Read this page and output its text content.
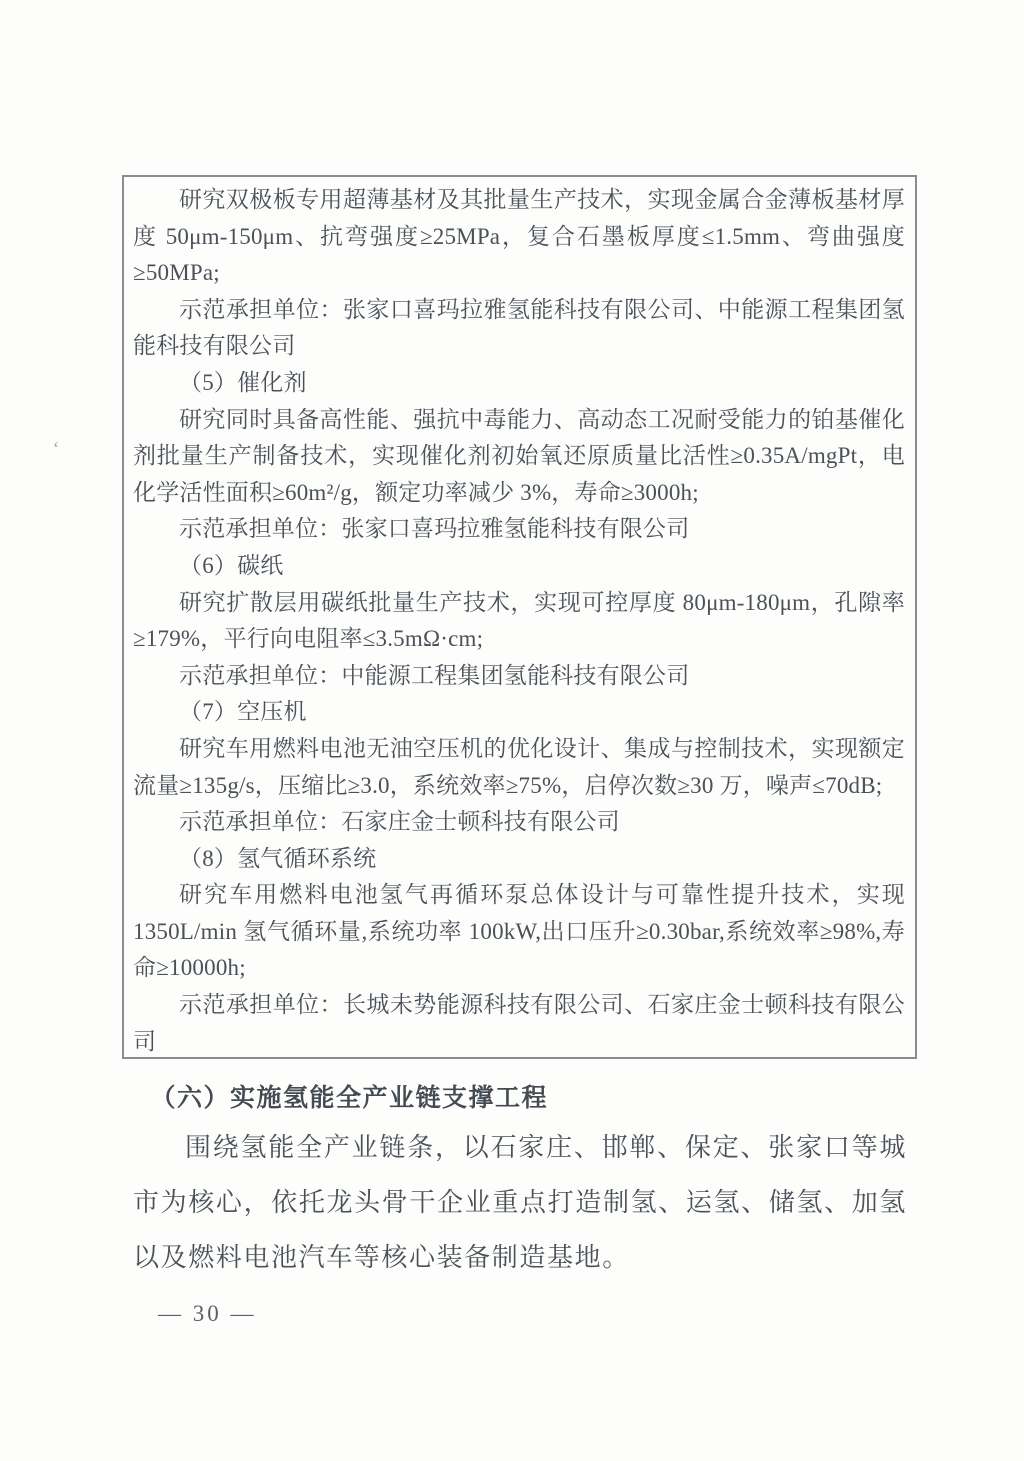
ʻ

研究双极板专用超薄基材及其批量生产技术，实现金属合金薄板基材厚度 50μm-150μm、抗弯强度≥25MPa，复合石墨板厚度≤1.5mm、弯曲强度≥50MPa;

示范承担单位：张家口喜玛拉雅氢能科技有限公司、中能源工程集团氢能科技有限公司

（5）催化剂

研究同时具备高性能、强抗中毒能力、高动态工况耐受能力的铂基催化剂批量生产制备技术，实现催化剂初始氧还原质量比活性≥0.35A/mgPt，电化学活性面积≥60m²/g，额定功率减少 3%，寿命≥3000h;

示范承担单位：张家口喜玛拉雅氢能科技有限公司

（6）碳纸

研究扩散层用碳纸批量生产技术，实现可控厚度 80μm-180μm，孔隙率≥179%，平行向电阻率≤3.5mΩ·cm;

示范承担单位：中能源工程集团氢能科技有限公司

（7）空压机

研究车用燃料电池无油空压机的优化设计、集成与控制技术，实现额定流量≥135g/s，压缩比≥3.0，系统效率≥75%，启停次数≥30 万，噪声≤70dB;

示范承担单位：石家庄金士顿科技有限公司

（8）氢气循环系统

研究车用燃料电池氢气再循环泵总体设计与可靠性提升技术，实现 1350L/min 氢气循环量,系统功率 100kW,出口压升≥0.30bar,系统效率≥98%,寿命≥10000h;

示范承担单位：长城未势能源科技有限公司、石家庄金士顿科技有限公司

（六）实施氢能全产业链支撑工程

围绕氢能全产业链条，以石家庄、邯郸、保定、张家口等城市为核心，依托龙头骨干企业重点打造制氢、运氢、储氢、加氢以及燃料电池汽车等核心装备制造基地。

— 30 —
